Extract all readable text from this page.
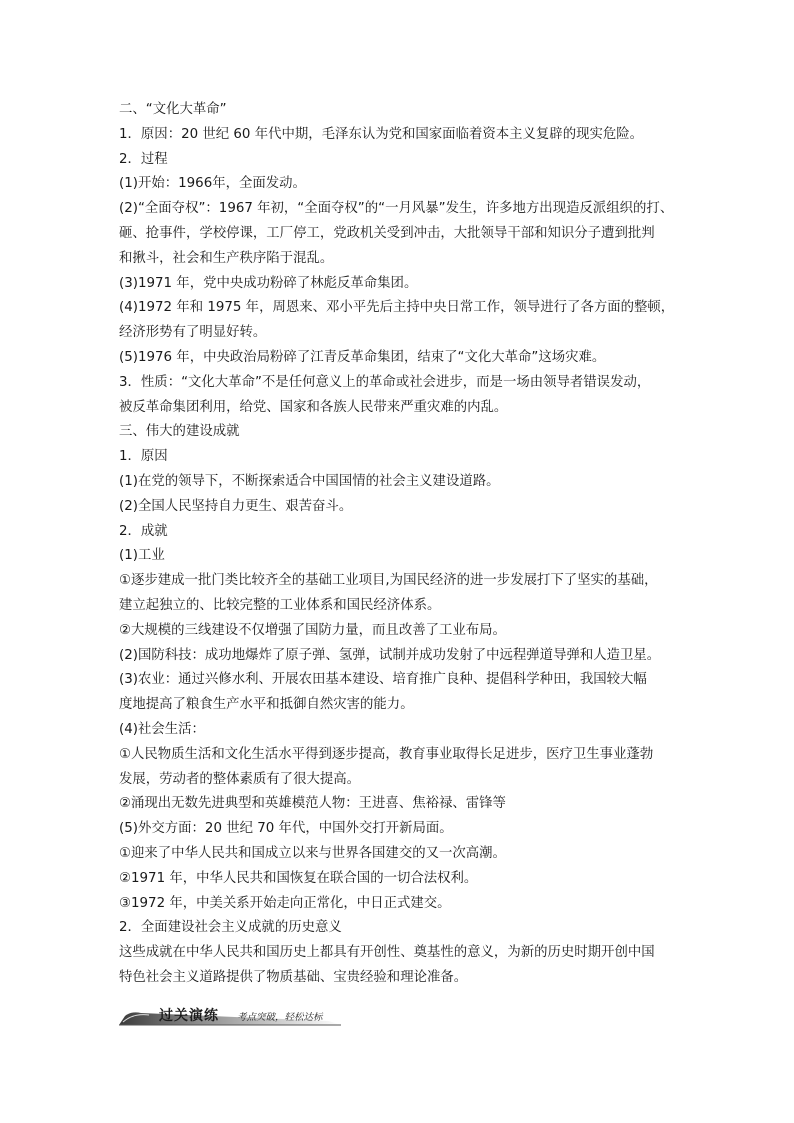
二、“文化大革命”
1．原因：20 世纪 60 年代中期，毛泽东认为党和国家面临着资本主义复辟的现实危险。
2．过程
(1)开始：1966年，全面发动。
(2)“全面夺权”：1967 年初，“全面夺权”的“一月风暴”发生，许多地方出现造反派组织的打、
砸、抢事件，学校停课，工厂停工，党政机关受到冲击，大批领导干部和知识分子遭到批判
和揪斗，社会和生产秩序陷于混乱。
(3)1971 年，党中央成功粉碎了林彪反革命集团。
(4)1972 年和 1975 年，周恩来、邓小平先后主持中央日常工作，领导进行了各方面的整顿，
经济形势有了明显好转。
(5)1976 年，中央政治局粉碎了江青反革命集团，结束了“文化大革命”这场灾难。
3．性质：“文化大革命”不是任何意义上的革命或社会进步，而是一场由领导者错误发动，
被反革命集团利用，给党、国家和各族人民带来严重灾难的内乱。
三、伟大的建设成就
1．原因
(1)在党的领导下，不断探索适合中国国情的社会主义建设道路。
(2)全国人民坚持自力更生、艰苦奋斗。
2．成就
(1)工业
①逐步建成一批门类比较齐全的基础工业项目,为国民经济的进一步发展打下了坚实的基础，
建立起独立的、比较完整的工业体系和国民经济体系。
②大规模的三线建设不仅增强了国防力量，而且改善了工业布局。
(2)国防科技：成功地爆炸了原子弹、氢弹，试制并成功发射了中远程弹道导弹和人造卫星。
(3)农业：通过兴修水利、开展农田基本建设、培育推广良种、提倡科学种田，我国较大幅
度地提高了粮食生产水平和抵御自然灾害的能力。
(4)社会生活：
①人民物质生活和文化生活水平得到逐步提高，教育事业取得长足进步，医疗卫生事业蓬勃
发展，劳动者的整体素质有了很大提高。
②涌现出无数先进典型和英雄模范人物：王进喜、焦裕禄、雷锋等
(5)外交方面：20 世纪 70 年代，中国外交打开新局面。
①迎来了中华人民共和国成立以来与世界各国建交的又一次高潮。
②1971 年，中华人民共和国恢复在联合国的一切合法权利。
③1972 年，中美关系开始走向正常化，中日正式建交。
2．全面建设社会主义成就的历史意义
这些成就在中华人民共和国历史上都具有开创性、奠基性的意义，为新的历史时期开创中国
特色社会主义道路提供了物质基础、宝贵经验和理论准备。
过关演练 考点突破，轻松达标
